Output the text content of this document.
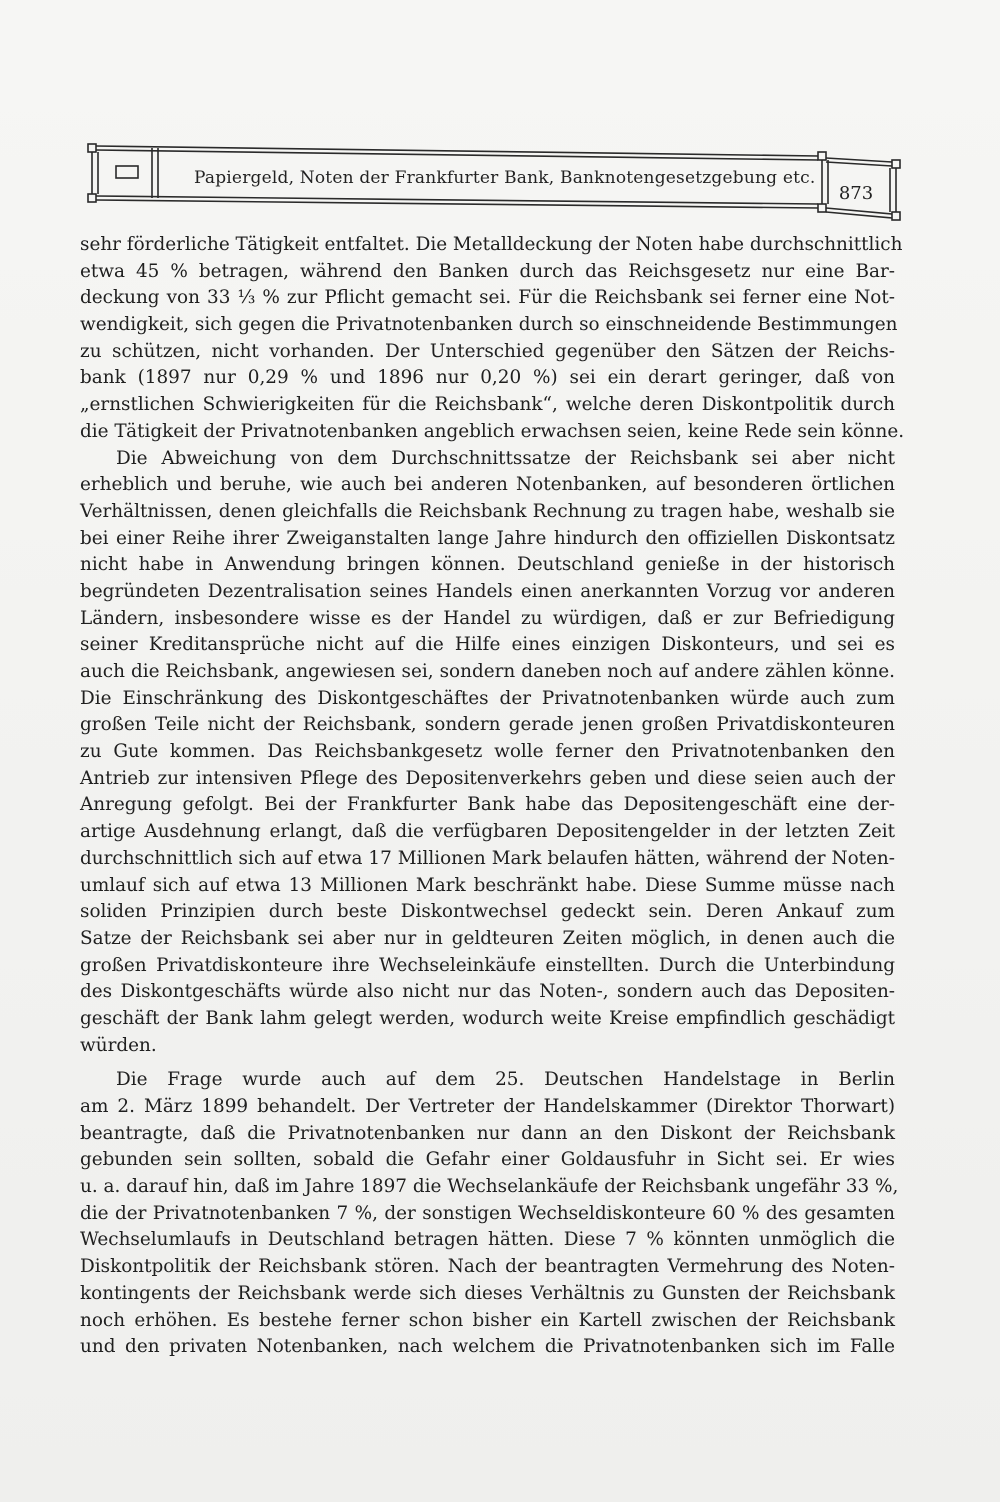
Papiergeld, Noten der Frankfurter Bank, Banknotengesetzgebung etc.
873
sehr förderliche Tätigkeit entfaltet. Die Metalldeckung der Noten habe durchschnittlich
etwa 45 % betragen, während den Banken durch das Reichsgesetz nur eine Bar-
deckung von 33 ⅓ % zur Pflicht gemacht sei. Für die Reichsbank sei ferner eine Not-
wendigkeit, sich gegen die Privatnotenbanken durch so einschneidende Bestimmungen
zu schützen, nicht vorhanden. Der Unterschied gegenüber den Sätzen der Reichs-
bank (1897 nur 0,29 % und 1896 nur 0,20 %) sei ein derart geringer, daß von
„ernstlichen Schwierigkeiten für die Reichsbank“, welche deren Diskontpolitik durch
die Tätigkeit der Privatnotenbanken angeblich erwachsen seien, keine Rede sein könne.
Die Abweichung von dem Durchschnittssatze der Reichsbank sei aber nicht
erheblich und beruhe, wie auch bei anderen Notenbanken, auf besonderen örtlichen
Verhältnissen, denen gleichfalls die Reichsbank Rechnung zu tragen habe, weshalb sie
bei einer Reihe ihrer Zweiganstalten lange Jahre hindurch den offiziellen Diskontsatz
nicht habe in Anwendung bringen können. Deutschland genieße in der historisch
begründeten Dezentralisation seines Handels einen anerkannten Vorzug vor anderen
Ländern, insbesondere wisse es der Handel zu würdigen, daß er zur Befriedigung
seiner Kreditansprüche nicht auf die Hilfe eines einzigen Diskonteurs, und sei es
auch die Reichsbank, angewiesen sei, sondern daneben noch auf andere zählen könne.
Die Einschränkung des Diskontgeschäftes der Privatnotenbanken würde auch zum
großen Teile nicht der Reichsbank, sondern gerade jenen großen Privatdiskonteuren
zu Gute kommen. Das Reichsbankgesetz wolle ferner den Privatnotenbanken den
Antrieb zur intensiven Pflege des Depositenverkehrs geben und diese seien auch der
Anregung gefolgt. Bei der Frankfurter Bank habe das Depositengeschäft eine der-
artige Ausdehnung erlangt, daß die verfügbaren Depositengelder in der letzten Zeit
durchschnittlich sich auf etwa 17 Millionen Mark belaufen hätten, während der Noten-
umlauf sich auf etwa 13 Millionen Mark beschränkt habe. Diese Summe müsse nach
soliden Prinzipien durch beste Diskontwechsel gedeckt sein. Deren Ankauf zum
Satze der Reichsbank sei aber nur in geldteuren Zeiten möglich, in denen auch die
großen Privatdiskonteure ihre Wechseleinkäufe einstellten. Durch die Unterbindung
des Diskontgeschäfts würde also nicht nur das Noten-, sondern auch das Depositen-
geschäft der Bank lahm gelegt werden, wodurch weite Kreise empfindlich geschädigt
würden.
Die Frage wurde auch auf dem 25. Deutschen Handelstage in Berlin
am 2. März 1899 behandelt. Der Vertreter der Handelskammer (Direktor Thorwart)
beantragte, daß die Privatnotenbanken nur dann an den Diskont der Reichsbank
gebunden sein sollten, sobald die Gefahr einer Goldausfuhr in Sicht sei. Er wies
u. a. darauf hin, daß im Jahre 1897 die Wechselankäufe der Reichsbank ungefähr 33 %,
die der Privatnotenbanken 7 %, der sonstigen Wechseldiskonteure 60 % des gesamten
Wechselumlaufs in Deutschland betragen hätten. Diese 7 % könnten unmöglich die
Diskontpolitik der Reichsbank stören. Nach der beantragten Vermehrung des Noten-
kontingents der Reichsbank werde sich dieses Verhältnis zu Gunsten der Reichsbank
noch erhöhen. Es bestehe ferner schon bisher ein Kartell zwischen der Reichsbank
und den privaten Notenbanken, nach welchem die Privatnotenbanken sich im Falle
